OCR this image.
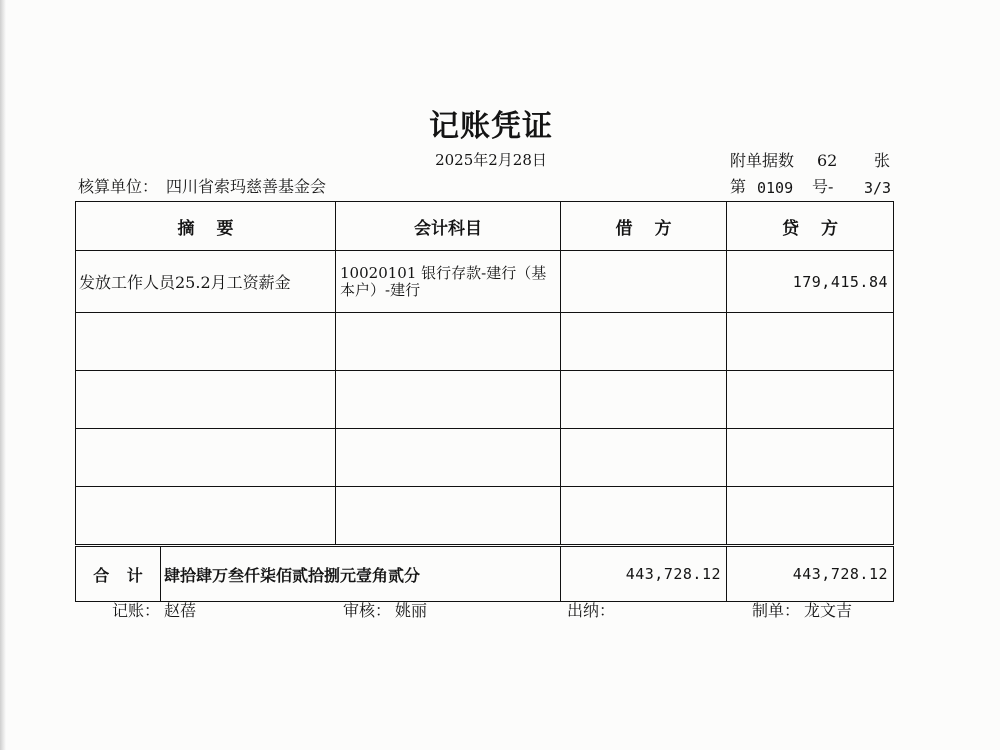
记账凭证
2025年2月28日	附单据数 62 张
核算单位： 四川省索玛慈善基金会	第 0109 号- 3/3
摘 要		会计科目	借 方	贷 方
发放工作人员25.2月工资薪金		10020101 银行存款-建行（基本户）-建行		179,415.84

合 计	肆拾肆万叁仟柒佰贰拾捌元壹角贰分		443,728.12	443,728.12
记账： 赵蓓	审核： 姚丽	出纳：	制单： 龙文吉
